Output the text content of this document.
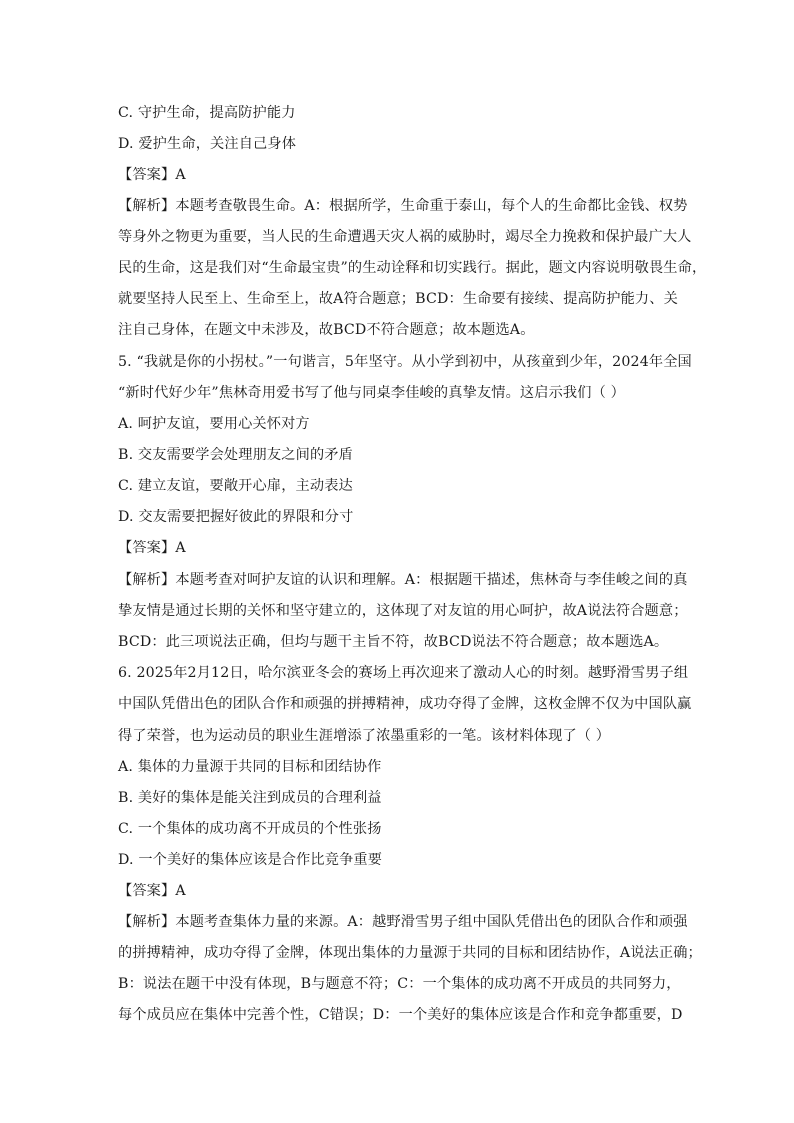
C. 守护生命，提高防护能力
D. 爱护生命，关注自己身体
【答案】A
【解析】本题考查敬畏生命。A：根据所学，生命重于泰山，每个人的生命都比金钱、权势
等身外之物更为重要，当人民的生命遭遇天灾人祸的威胁时，竭尽全力挽救和保护最广大人
民的生命，这是我们对“生命最宝贵”的生动诠释和切实践行。据此，题文内容说明敬畏生命，
就要坚持人民至上、生命至上，故A符合题意；BCD：生命要有接续、提高防护能力、关
注自己身体，在题文中未涉及，故BCD不符合题意；故本题选A。
5. “我就是你的小拐杖。”一句谐言，5年坚守。从小学到初中，从孩童到少年，2024年全国
“新时代好少年”焦林奇用爱书写了他与同桌李佳峻的真挚友情。这启示我们（ ）
A. 呵护友谊，要用心关怀对方
B. 交友需要学会处理朋友之间的矛盾
C. 建立友谊，要敞开心扉，主动表达
D. 交友需要把握好彼此的界限和分寸
【答案】A
【解析】本题考查对呵护友谊的认识和理解。A：根据题干描述，焦林奇与李佳峻之间的真
挚友情是通过长期的关怀和坚守建立的，这体现了对友谊的用心呵护，故A说法符合题意；
BCD：此三项说法正确，但均与题干主旨不符，故BCD说法不符合题意；故本题选A。
6. 2025年2月12日，哈尔滨亚冬会的赛场上再次迎来了激动人心的时刻。越野滑雪男子组
中国队凭借出色的团队合作和顽强的拼搏精神，成功夺得了金牌，这枚金牌不仅为中国队赢
得了荣誉，也为运动员的职业生涯增添了浓墨重彩的一笔。该材料体现了（ ）
A. 集体的力量源于共同的目标和团结协作
B. 美好的集体是能关注到成员的合理利益
C. 一个集体的成功离不开成员的个性张扬
D. 一个美好的集体应该是合作比竞争重要
【答案】A
【解析】本题考查集体力量的来源。A：越野滑雪男子组中国队凭借出色的团队合作和顽强
的拼搏精神，成功夺得了金牌，体现出集体的力量源于共同的目标和团结协作，A说法正确；
B：说法在题干中没有体现，B与题意不符；C：一个集体的成功离不开成员的共同努力，
每个成员应在集体中完善个性，C错误；D：一个美好的集体应该是合作和竞争都重要，D
